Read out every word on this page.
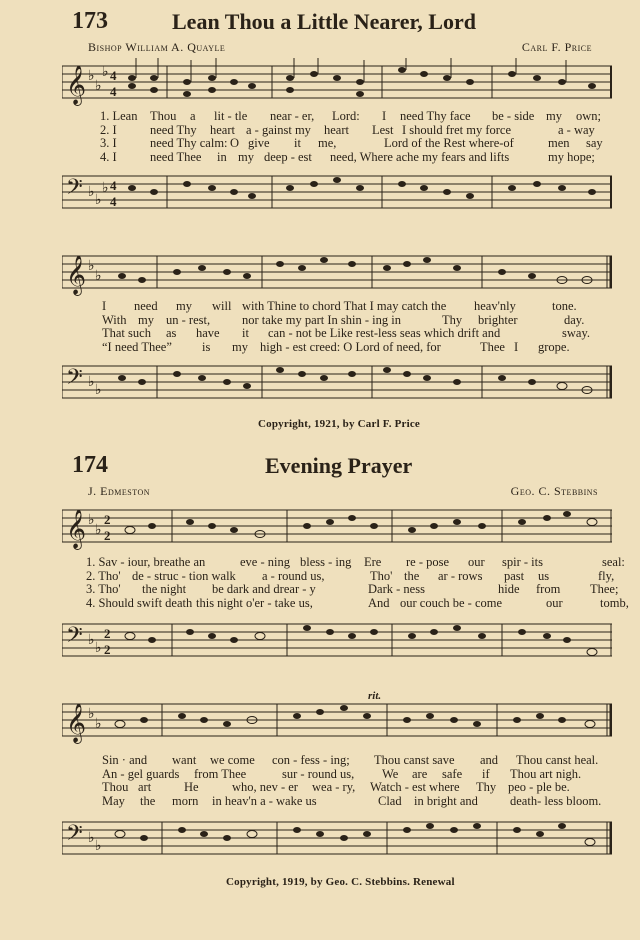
173	Lean Thou a Little Nearer, Lord
Bishop William A. Quayle	Carl F. Price
𝄞 ♭
♭
♭ 4
4
1. Lean Thou a lit - tle near - er, Lord: I need Thy face be - side my own;
2. I	need Thy heart a - gainst my heart Lest I should fret my force	a - way
3. I	need Thy calm: O give it me,	Lord of the Rest where-of	men say
4. I	need Thee in my deep - est need, Where ache my fears and lifts	my hope;
𝄢 ♭
♭
♭ 4
4
𝄞 ♭
♭
I need my will with Thine to chord That I may catch the heav'nly	tone.
With my un - rest,	nor take my part In shin - ing in	Thy brighter	day.
That such as have it can - not be Like rest-less seas which drift and	sway.
“I need Thee” is my high - est creed: O Lord of need, for	Thee I grope.
𝄢 ♭
♭
Copyright, 1921, by Carl F. Price
174	Evening Prayer
J. Edmeston	Geo. C. Stebbins
𝄞 ♭
♭
2
2
1. Sav - iour, breathe an	eve - ning bless - ing Ere re - pose our spir - its	seal:
2. Tho' de - struc - tion walk a - round us,	Tho' the ar - rows past us	fly,
3. Tho' the night be dark and drear - y	Dark - ness	hide from Thee;
4. Should swift death this night o'er - take us,	And our couch be - come	our	tomb,
𝄢 ♭
♭
2
2
rit.
𝄞 ♭
♭
Sin · and want we come con - fess - ing; Thou canst save and Thou canst heal.
An - gel guards from Thee	sur - round us, We are safe if Thou art nigh.
Thou art	He	who, nev - er wea - ry, Watch - est where Thy peo - ple be.
May the morn in heav'n a - wake us	Clad in bright and	death- less bloom.
𝄢 ♭
♭
Copyright, 1919, by Geo. C. Stebbins. Renewal
